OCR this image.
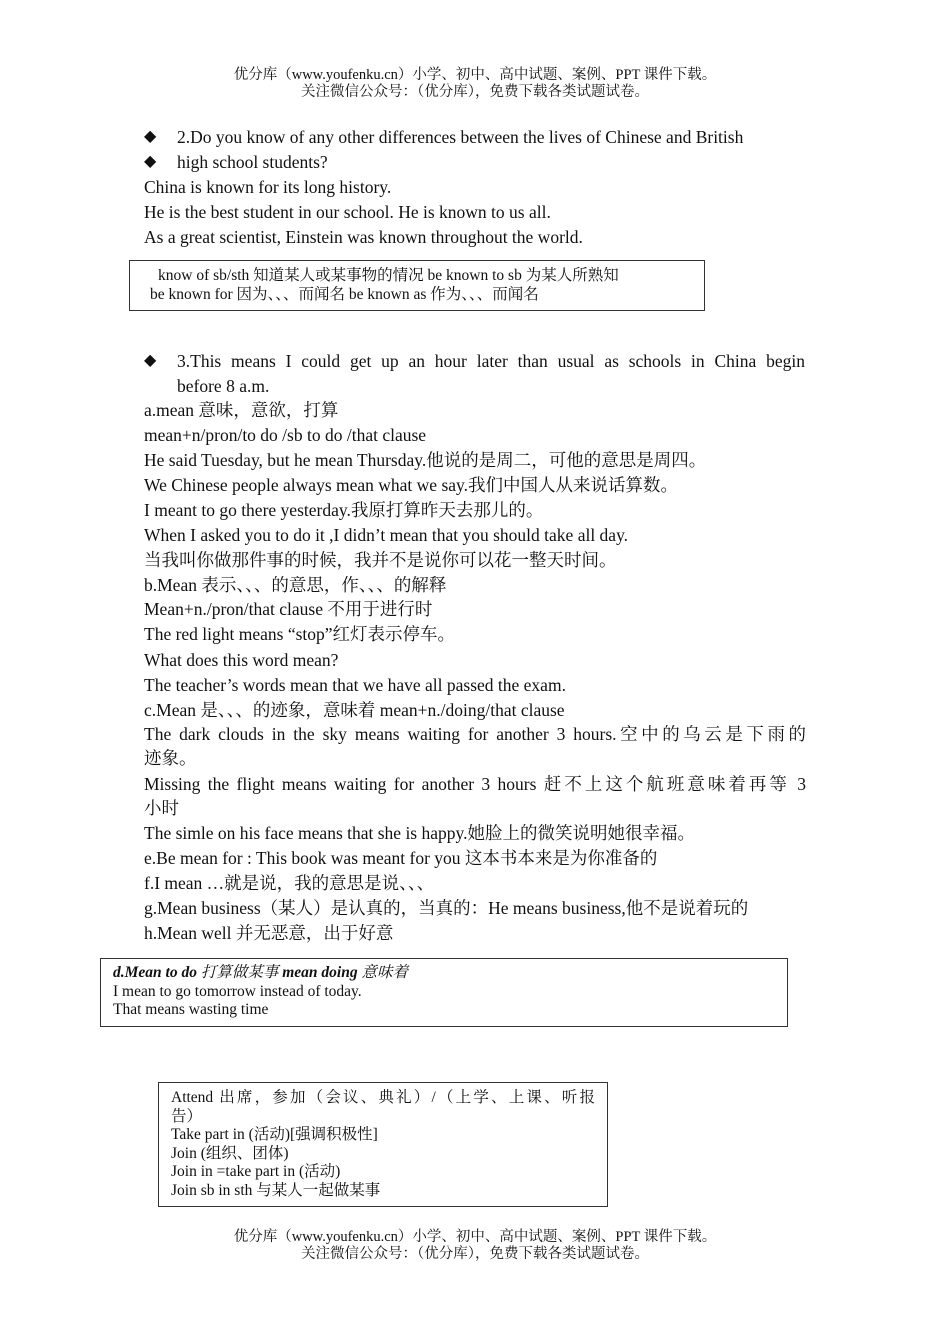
优分库（www.youfenku.cn）小学、初中、高中试题、案例、PPT 课件下载。
关注微信公众号：（优分库），免费下载各类试题试卷。
◆ 2.Do you know of any other differences between the lives of Chinese and British
◆ high school students?
China is known for its long history.
He is the best student in our school. He is known to us all.
As a great scientist, Einstein was known throughout the world.
know of sb/sth 知道某人或某事物的情况 be known to sb 为某人所熟知
be known for 因为、、、而闻名 be known as 作为、、、而闻名
◆ 3.This means I could get up an hour later than usual as schools in China begin
before 8 a.m.
a.mean 意味，意欲，打算
mean+n/pron/to do /sb to do /that clause
He said Tuesday, but he mean Thursday.他说的是周二，可他的意思是周四。
We Chinese people always mean what we say.我们中国人从来说话算数。
I meant to go there yesterday.我原打算昨天去那儿的。
When I asked you to do it ,I didn’t mean that you should take all day.
当我叫你做那件事的时候，我并不是说你可以花一整天时间。
b.Mean 表示、、、的意思，作、、、的解释
Mean+n./pron/that clause 不用于进行时
The red light means “stop”红灯表示停车。
What does this word mean?
The teacher’s words mean that we have all passed the exam.
c.Mean 是、、、的迹象，意味着 mean+n./doing/that clause
The dark clouds in the sky means waiting for another 3 hours.空中的乌云是下雨的
迹象。
Missing the flight means waiting for another 3 hours 赶不上这个航班意味着再等 3
小时
The simle on his face means that she is happy.她脸上的微笑说明她很幸福。
e.Be mean for : This book was meant for you 这本书本来是为你准备的
f.I mean …就是说，我的意思是说、、、
g.Mean business（某人）是认真的，当真的：He means business,他不是说着玩的
h.Mean well 并无恶意，出于好意
d.Mean to do 打算做某事 mean doing 意味着
I mean to go tomorrow instead of today.
That means wasting time
Attend 出席，参加（会议、典礼）/（上学、上课、听报
告）
Take part in (活动)[强调积极性]
Join (组织、团体)
Join in =take part in (活动)
Join sb in sth 与某人一起做某事
优分库（www.youfenku.cn）小学、初中、高中试题、案例、PPT 课件下载。
关注微信公众号：（优分库），免费下载各类试题试卷。
